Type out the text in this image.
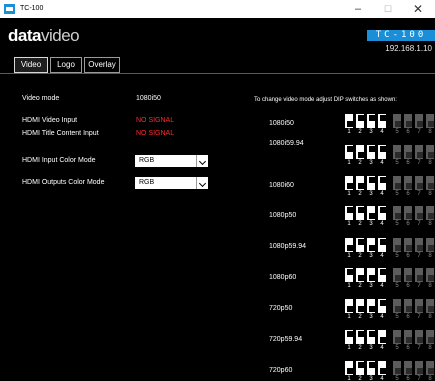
TC-100	–	☐	✕
datavideo	TC-100
192.168.1.10
Video	Logo	Overlay
Video mode	1080i50
HDMI Video Input	NO SIGNAL
HDMI Title Content Input	NO SIGNAL
HDMI Input Color Mode	RGB
HDMI Outputs Color Mode	RGB
To change video mode adjust DIP switches as shown:
1080i50
1	2	3	4	5	6	7	8
1080i59.94
1	2	3	4	5	6	7	8
1080i60
1	2	3	4	5	6	7	8
1080p50
1	2	3	4	5	6	7	8
1080p59.94
1	2	3	4	5	6	7	8
1080p60
1	2	3	4	5	6	7	8
720p50
1	2	3	4	5	6	7	8
720p59.94
1	2	3	4	5	6	7	8
720p60
1	2	3	4	5	6	7	8
